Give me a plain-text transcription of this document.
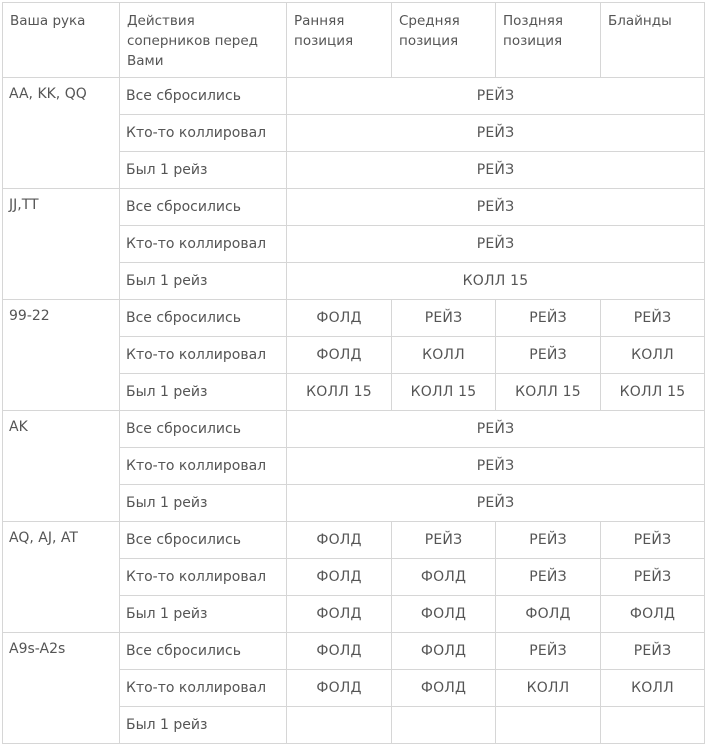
Ваша рука	Действия соперников перед Вами	Ранняя позиция	Средняя позиция	Поздняя позиция	Блайнды
AA, KK, QQ	Все сбросились	РЕЙЗ			
	Кто-то коллировал	РЕЙЗ			
	Был 1 рейз	РЕЙЗ			
JJ,TT	Все сбросились	РЕЙЗ			
	Кто-то коллировал	РЕЙЗ			
	Был 1 рейз	КОЛЛ 15			
99-22	Все сбросились	ФОЛД	РЕЙЗ	РЕЙЗ	РЕЙЗ
	Кто-то коллировал	ФОЛД	КОЛЛ	РЕЙЗ	КОЛЛ
	Был 1 рейз	КОЛЛ 15	КОЛЛ 15	КОЛЛ 15	КОЛЛ 15
AK	Все сбросились	РЕЙЗ			
	Кто-то коллировал	РЕЙЗ			
	Был 1 рейз	РЕЙЗ			
AQ, AJ, AT	Все сбросились	ФОЛД	РЕЙЗ	РЕЙЗ	РЕЙЗ
	Кто-то коллировал	ФОЛД	ФОЛД	РЕЙЗ	РЕЙЗ
	Был 1 рейз	ФОЛД	ФОЛД	ФОЛД	ФОЛД
A9s-A2s	Все сбросились	ФОЛД	ФОЛД	РЕЙЗ	РЕЙЗ
	Кто-то коллировал	ФОЛД	ФОЛД	КОЛЛ	КОЛЛ
	Был 1 рейз				
